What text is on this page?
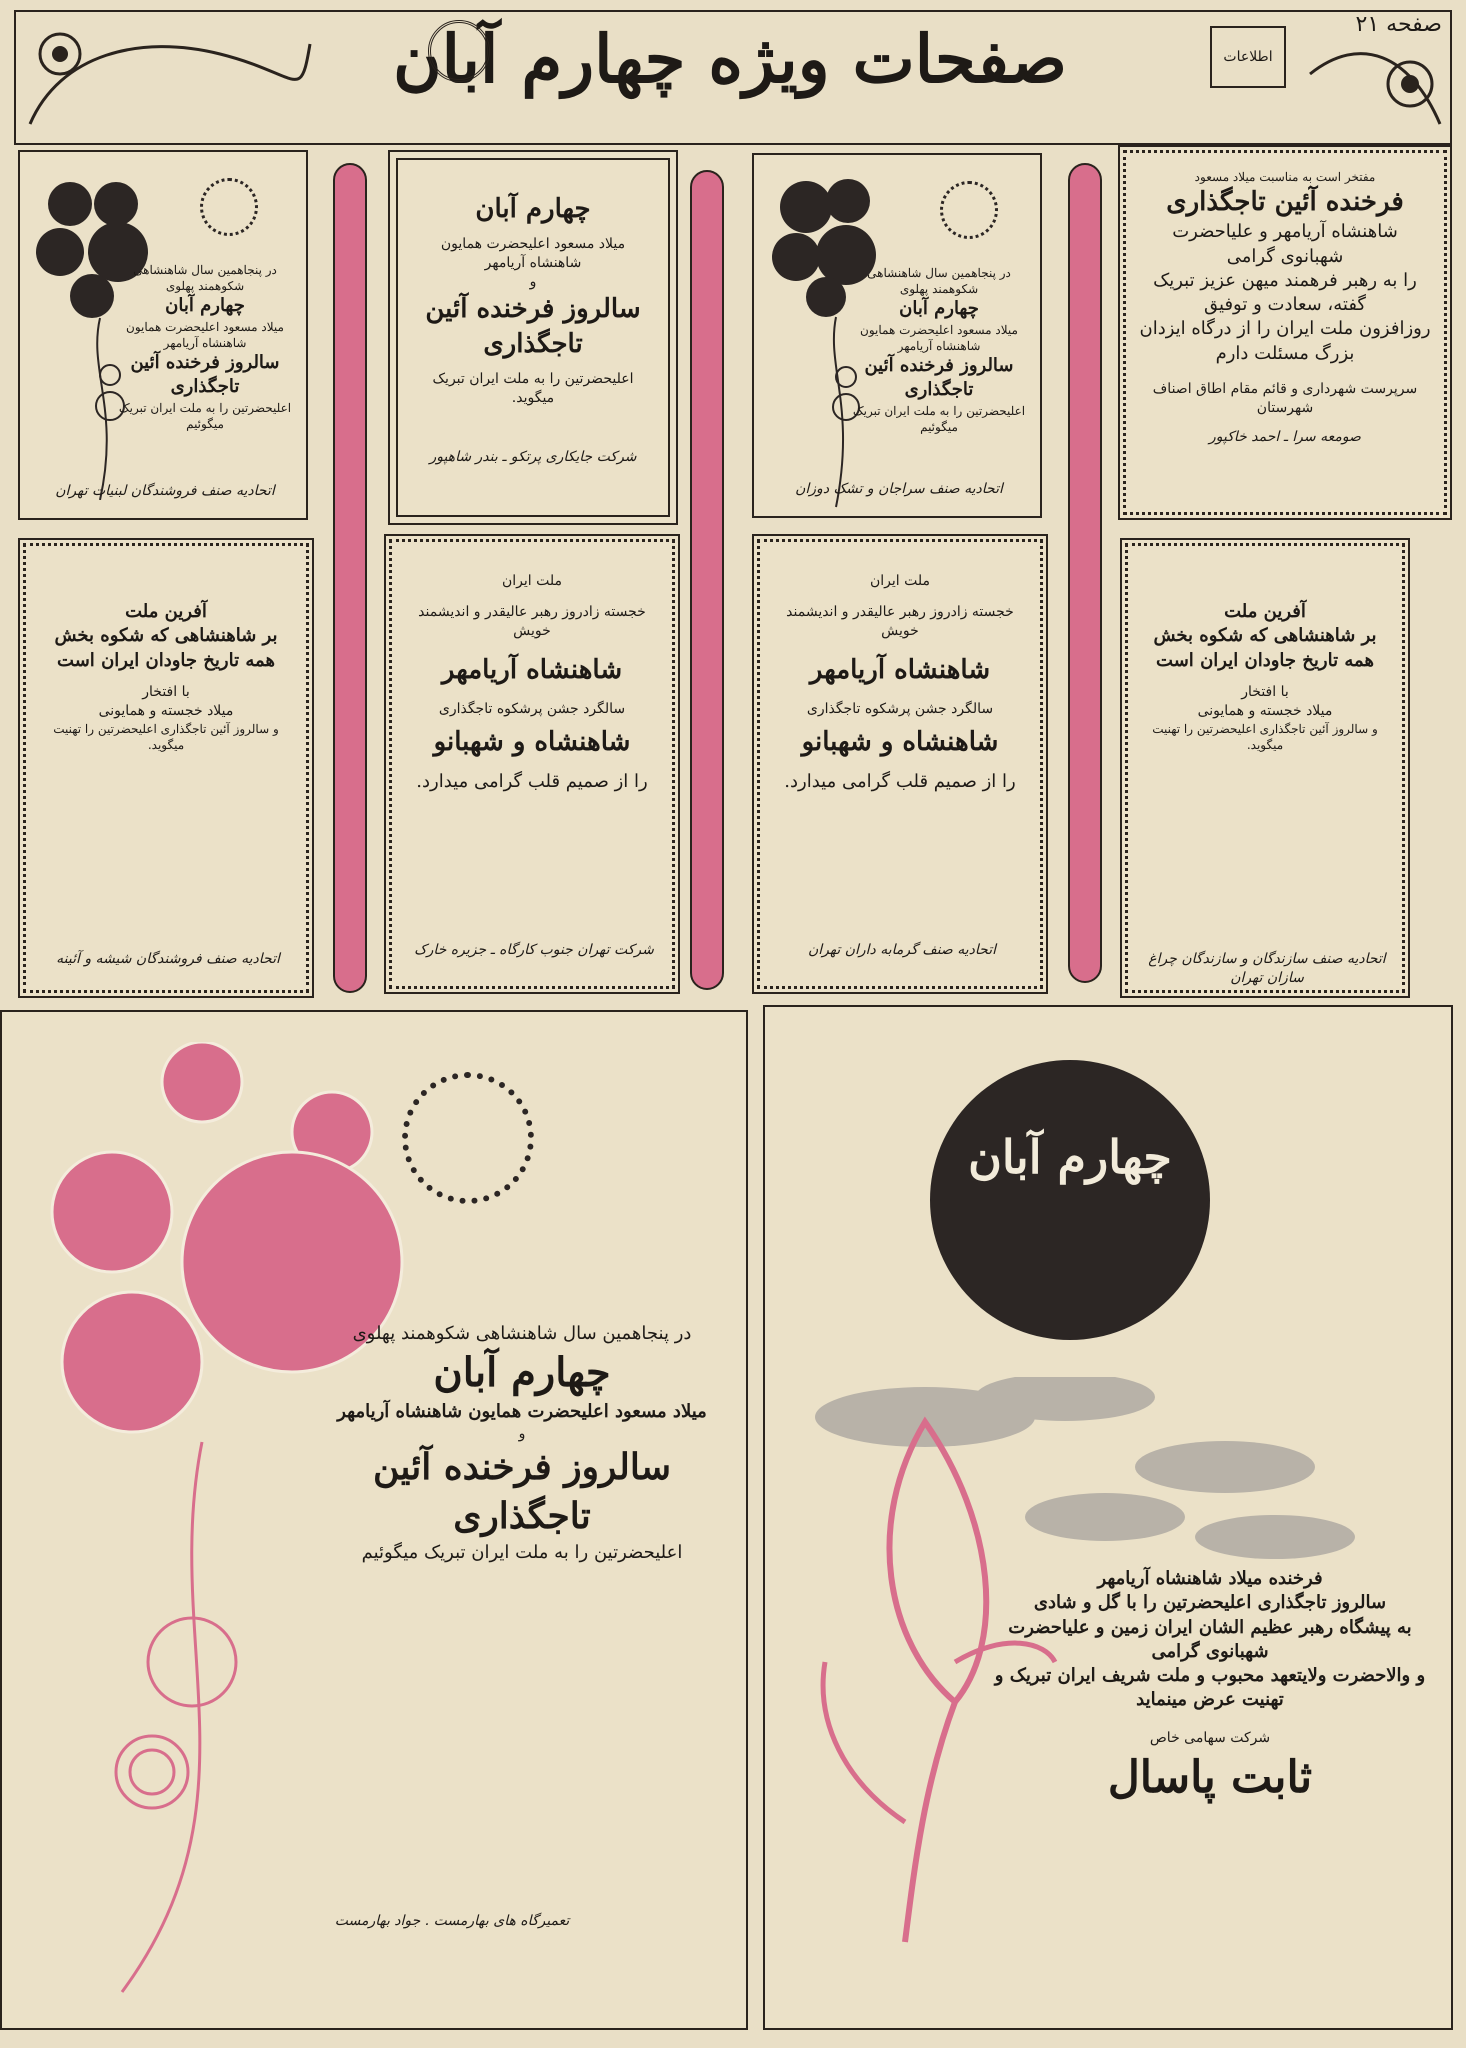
صفحه ۲۱
صفحات ویژه چهارم آبان	اطلاعات
مفتخر است به مناسبت میلاد مسعود
فرخنده آئین تاجگذاری
شاهنشاه آریامهر و علیاحضرت شهبانوی گرامی
را به رهبر فرهمند میهن عزیز تبریک گفته، سعادت و توفیق
روزافزون ملت ایران را از درگاه ایزدان بزرگ مسئلت دارم
سرپرست شهرداری و قائم مقام اطاق اصناف شهرستان
صومعه سرا ـ احمد خاکپور
در پنجاهمین سال شاهنشاهی شکوهمند پهلوی
چهارم آبان
میلاد مسعود اعلیحضرت همایون شاهنشاه آریامهر
سالروز فرخنده آئین تاجگذاری
اعلیحضرتین را به ملت ایران تبریک میگوئیم
اتحادیه صنف سراجان و تشک دوزان
چهارم آبان
میلاد مسعود اعلیحضرت همایون شاهنشاه آریامهر
و
سالروز فرخنده آئین تاجگذاری
اعلیحضرتین را به ملت ایران تبریک میگوید.
شرکت جایکاری پرتکو ـ بندر شاهپور
در پنجاهمین سال شاهنشاهی شکوهمند پهلوی
چهارم آبان
میلاد مسعود اعلیحضرت همایون شاهنشاه آریامهر
سالروز فرخنده آئین تاجگذاری
اعلیحضرتین را به ملت ایران تبریک میگوئیم
اتحادیه صنف فروشندگان لبنیات تهران
آفرین ملت
بر شاهنشاهی که شکوه بخش
همه تاریخ جاودان ایران است
با افتخار
میلاد خجسته و همایونی
و سالروز آئین تاجگذاری اعلیحضرتین را تهنیت میگوید.
اتحادیه صنف سازندگان و سازندگان چراغ سازان تهران
ملت ایران
خجسته زادروز رهبر عالیقدر و اندیشمند خویش
شاهنشاه آریامهر
سالگرد جشن پرشکوه تاجگذاری
شاهنشاه و شهبانو
را از صمیم قلب گرامی میدارد.
اتحادیه صنف گرمابه داران تهران
ملت ایران
خجسته زادروز رهبر عالیقدر و اندیشمند خویش
شاهنشاه آریامهر
سالگرد جشن پرشکوه تاجگذاری
شاهنشاه و شهبانو
را از صمیم قلب گرامی میدارد.
شرکت تهران جنوب کارگاه ـ جزیره خارک
آفرین ملت
بر شاهنشاهی که شکوه بخش
همه تاریخ جاودان ایران است
با افتخار
میلاد خجسته و همایونی
و سالروز آئین تاجگذاری اعلیحضرتین را تهنیت میگوید.
اتحادیه صنف فروشندگان شیشه و آئینه
فرخنده میلاد شاهنشاه آریامهر
سالروز تاجگذاری اعلیحضرتین را با گل و شادی
به پیشگاه رهبر عظیم الشان ایران زمین و علیاحضرت شهبانوی گرامی
و والاحضرت ولایتعهد محبوب و ملت شریف ایران تبریک و تهنیت عرض مینماید
شرکت سهامی خاص
ثابت پاسال
چهارم آبان
در پنجاهمین سال شاهنشاهی شکوهمند پهلوی
چهارم آبان
میلاد مسعود اعلیحضرت همایون شاهنشاه آریامهر
و
سالروز فرخنده آئین تاجگذاری
اعلیحضرتین را به ملت ایران تبریک میگوئیم
تعمیرگاه های بهارمست . جواد بهارمست
